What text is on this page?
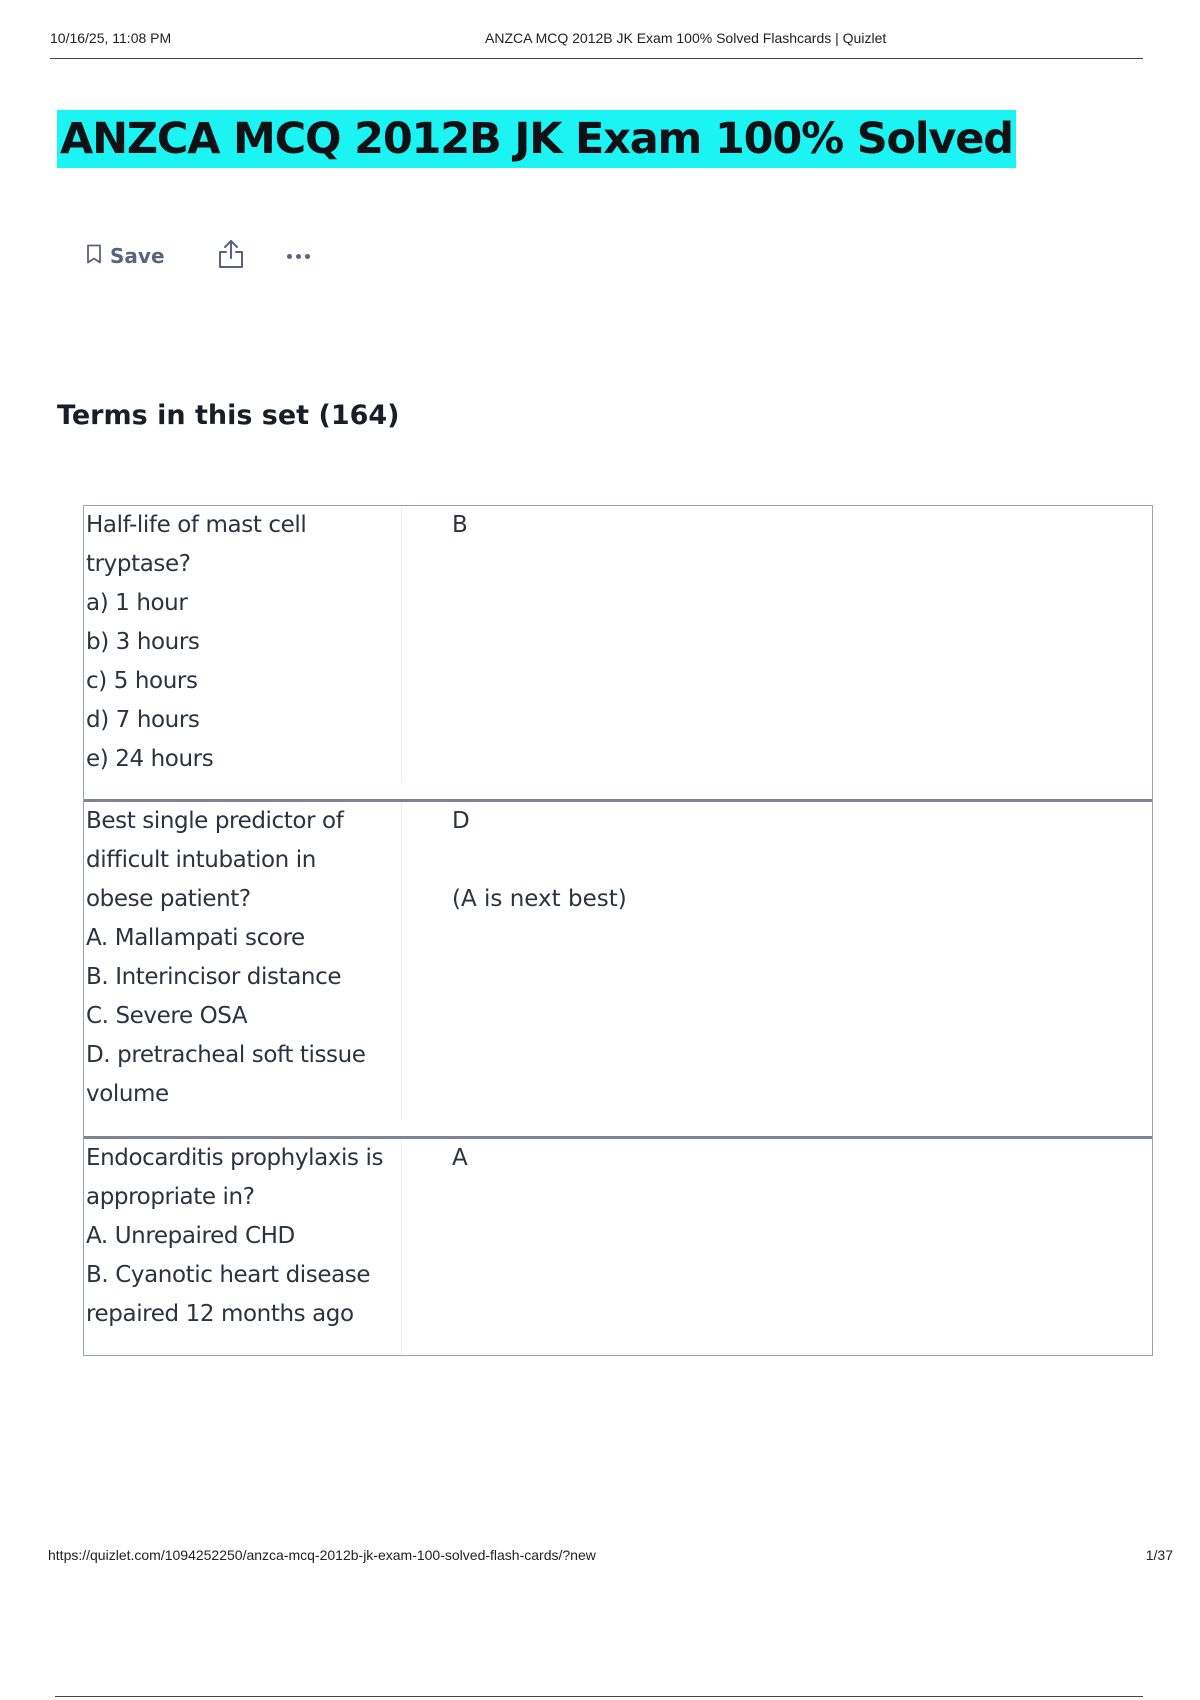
10/16/25, 11:08 PM	ANZCA MCQ 2012B JK Exam 100% Solved Flashcards | Quizlet
ANZCA MCQ 2012B JK Exam 100% Solved
Save
Terms in this set (164)
Half-life of mast cell
tryptase?
a) 1 hour
b) 3 hours
c) 5 hours
d) 7 hours
e) 24 hours
B
Best single predictor of
difficult intubation in
obese patient?
A. Mallampati score
B. Interincisor distance
C. Severe OSA
D. pretracheal soft tissue
volume
D

(A is next best)
Endocarditis prophylaxis is
appropriate in?
A. Unrepaired CHD
B. Cyanotic heart disease
repaired 12 months ago
A
https://quizlet.com/1094252250/anzca-mcq-2012b-jk-exam-100-solved-flash-cards/?new	1/37
